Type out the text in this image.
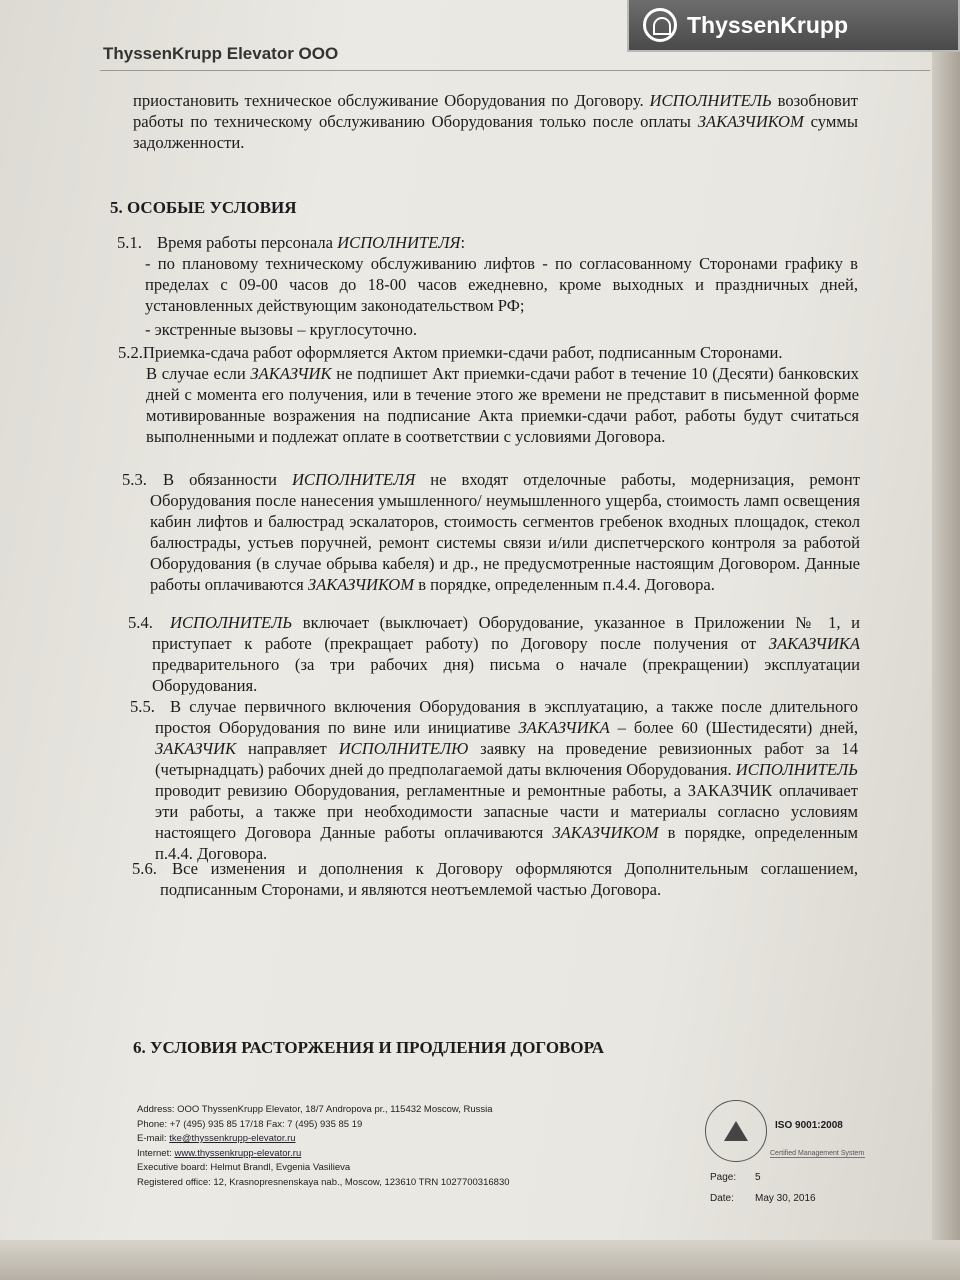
ThyssenKrupp
ThyssenKrupp Elevator OOO
приостановить техническое обслуживание Оборудования по Договору. ИСПОЛНИТЕЛЬ возобновит работы по техническому обслуживанию Оборудования только после оплаты ЗАКАЗЧИКОМ суммы задолженности.
5. ОСОБЫЕ УСЛОВИЯ
5.1. Время работы персонала ИСПОЛНИТЕЛЯ:
- по плановому техническому обслуживанию лифтов - по согласованному Сторонами графику в пределах с 09-00 часов до 18-00 часов ежедневно, кроме выходных и праздничных дней, установленных действующим законодательством РФ;
- экстренные вызовы – круглосуточно.
5.2.Приемка-сдача работ оформляется Актом приемки-сдачи работ, подписанным Сторонами.
В случае если ЗАКАЗЧИК не подпишет Акт приемки-сдачи работ в течение 10 (Десяти) банковских дней с момента его получения, или в течение этого же времени не представит в письменной форме мотивированные возражения на подписание Акта приемки-сдачи работ, работы будут считаться выполненными и подлежат оплате в соответствии с условиями Договора.
5.3. В обязанности ИСПОЛНИТЕЛЯ не входят отделочные работы, модернизация, ремонт Оборудования после нанесения умышленного/ неумышленного ущерба, стоимость ламп освещения кабин лифтов и балюстрад эскалаторов, стоимость сегментов гребенок входных площадок, стекол балюстрады, устьев поручней, ремонт системы связи и/или диспетчерского контроля за работой Оборудования (в случае обрыва кабеля) и др., не предусмотренные настоящим Договором. Данные работы оплачиваются ЗАКАЗЧИКОМ в порядке, определенным п.4.4. Договора.
5.4.	ИСПОЛНИТЕЛЬ включает (выключает) Оборудование, указанное в Приложении № 1, и приступает к работе (прекращает работу) по Договору после получения от ЗАКАЗЧИКА предварительного (за три рабочих дня) письма о начале (прекращении) эксплуатации Оборудования.
5.5. В случае первичного включения Оборудования в эксплуатацию, а также после длительного простоя Оборудования по вине или инициативе ЗАКАЗЧИКА – более 60 (Шестидесяти) дней, ЗАКАЗЧИК направляет ИСПОЛНИТЕЛЮ заявку на проведение ревизионных работ за 14 (четырнадцать) рабочих дней до предполагаемой даты включения Оборудования. ИСПОЛНИТЕЛЬ проводит ревизию Оборудования, регламентные и ремонтные работы, а ЗАКАЗЧИК оплачивает эти работы, а также при необходимости запасные части и материалы согласно условиям настоящего Договора Данные работы оплачиваются ЗАКАЗЧИКОМ в порядке, определенным п.4.4. Договора.
5.6. Все изменения и дополнения к Договору оформляются Дополнительным соглашением, подписанным Сторонами, и являются неотъемлемой частью Договора.
6. УСЛОВИЯ РАСТОРЖЕНИЯ И ПРОДЛЕНИЯ ДОГОВОРА
Address: OOO ThyssenKrupp Elevator, 18/7 Andropova pr., 115432 Moscow, Russia
Phone: +7 (495) 935 85 17/18 Fax: 7 (495) 935 85 19
E-mail: tke@thyssenkrupp-elevator.ru
Internet: www.thyssenkrupp-elevator.ru
Executive board: Helmut Brandl, Evgenia Vasilieva
Registered office: 12, Krasnopresnenskaya nab., Moscow, 123610 TRN 1027700316830
ISO 9001:2008
Certified Management System
Page: 5
Date: May 30, 2016
